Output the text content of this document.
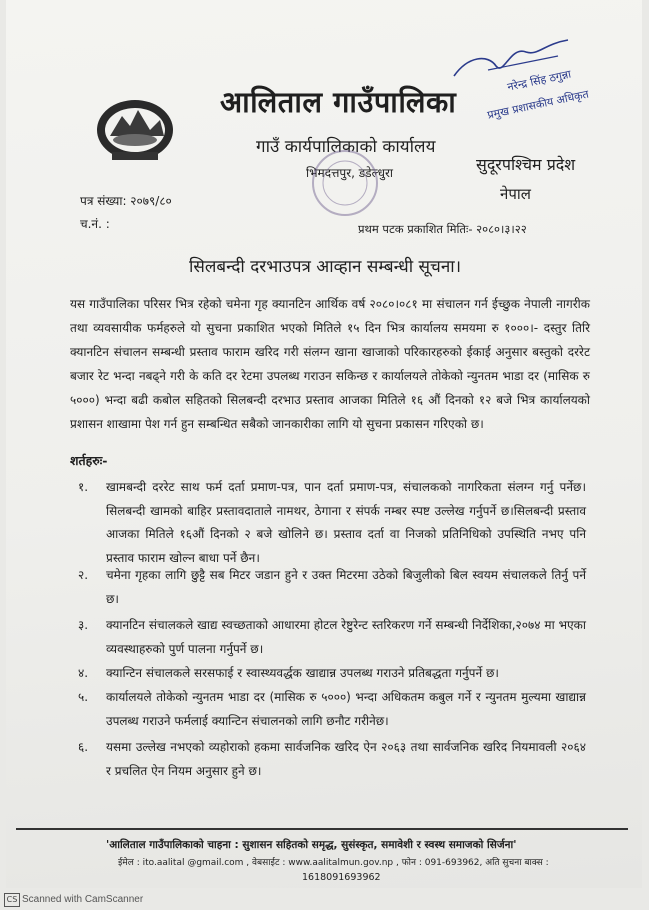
आलिताल गाउँपालिका
गाउँ कार्यपालिकाको कार्यालय
भिमदत्तपुर, डडेल्धुरा	सुदूरपश्चिम प्रदेश
नेपाल
नरेन्द्र सिंह ठगुन्ना
प्रमुख प्रशासकीय अधिकृत
पत्र संख्या: २०७९/८०
च.नं. :	प्रथम पटक प्रकाशित मितिः- २०८०।३।२२
सिलबन्दी दरभाउपत्र आव्हान सम्बन्धी सूचना।
यस गाउँपालिका परिसर भित्र रहेको चमेना गृह क्यानटिन आर्थिक वर्ष २०८०।०८१ मा संचालन गर्न ईच्छुक नेपाली नागरीक तथा व्यवसायीक फर्महरुले यो सुचना प्रकाशित भएको मितिले १५ दिन भित्र कार्यालय समयमा रु १०००।- दस्तुर तिरि क्यानटिन संचालन सम्बन्धी प्रस्ताव फाराम खरिद गरी संलग्न खाना खाजाको परिकारहरुको ईकाई अनुसार बस्तुको दररेट बजार रेट भन्दा नबढ्ने गरी के कति दर रेटमा उपलब्ध गराउन सकिन्छ र कार्यालयले तोकेको न्युनतम भाडा दर (मासिक रु ५०००) भन्दा बढी कबोल सहितको सिलबन्दी दरभाउ प्रस्ताव आजका मितिले १६ औं दिनको १२ बजे भित्र कार्यालयको प्रशासन शाखामा पेश गर्न हुन सम्बन्धित सबैको जानकारीका लागि यो सुचना प्रकासन गरिएको छ।
शर्तहरुः-
१. खामबन्दी दररेट साथ फर्म दर्ता प्रमाण-पत्र, पान दर्ता प्रमाण-पत्र, संचालकको नागरिकता संलग्न गर्नु पर्नेछ।सिलबन्दी खामको बाहिर प्रस्तावदाताले नामथर, ठेगाना र संपर्क नम्बर स्पष्ट उल्लेख गर्नुपर्ने छ।सिलबन्दी प्रस्ताव आजका मितिले १६औं दिनको २ बजे खोलिने छ। प्रस्ताव दर्ता वा निजको प्रतिनिधिको उपस्थिति नभए पनि प्रस्ताव फाराम खोल्न बाधा पर्ने छैन।
२. चमेना गृहका लागि छुट्टै सब मिटर जडान हुने र उक्त मिटरमा उठेको बिजुलीको बिल स्वयम संचालकले तिर्नु पर्ने छ।
३. क्यानटिन संचालकले खाद्य स्वच्छताको आधारमा होटल रेष्टुरेन्ट स्तरिकरण गर्ने सम्बन्धी निर्देशिका,२०७४ मा भएका व्यवस्थाहरुको पुर्ण पालना गर्नुपर्ने छ।
४. क्यान्टिन संचालकले सरसफाई र स्वास्थ्यवर्द्धक खाद्यान्न उपलब्ध गराउने प्रतिबद्धता गर्नुपर्ने छ।
५. कार्यालयले तोकेको न्युनतम भाडा दर (मासिक रु ५०००) भन्दा अधिकतम कबुल गर्ने र न्युनतम मुल्यमा खाद्यान्न उपलब्ध गराउने फर्मलाई क्यान्टिन संचालनको लागि छनौट गरीनेछ।
६. यसमा उल्लेख नभएको व्यहोराको हकमा सार्वजनिक खरिद ऐन २०६३ तथा सार्वजनिक खरिद नियमावली २०६४ र प्रचलित ऐन नियम अनुसार हुने छ।
'आलिताल गाउँपालिकाको चाहना : सुशासन सहितको समृद्ध, सुसंस्कृत, समावेशी र स्वस्थ समाजको सिर्जना'
ईमेल : ito.aalital @gmail.com , वेबसाईट : www.aalitalmun.gov.np , फोन : 091-693962, अति सुचना बाक्स :
1618091693962
CS Scanned with CamScanner
